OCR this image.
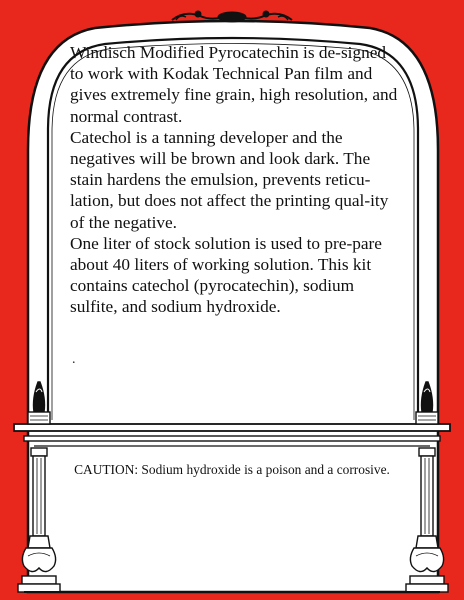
Windisch Modified Pyrocatechin is de-signed to work with Kodak Technical Pan film and gives extremely fine grain, high resolution, and normal contrast.

Catechol is a tanning developer and the negatives will be brown and look dark. The stain hardens the emulsion, prevents reticu-lation, but does not affect the printing qual-ity of the negative.

One liter of stock solution is used to pre-pare about 40 liters of working solution. This kit contains catechol (pyrocatechin), sodium sulfite, and sodium hydroxide.

.
CAUTION: Sodium hydroxide is a poison and a corrosive.
